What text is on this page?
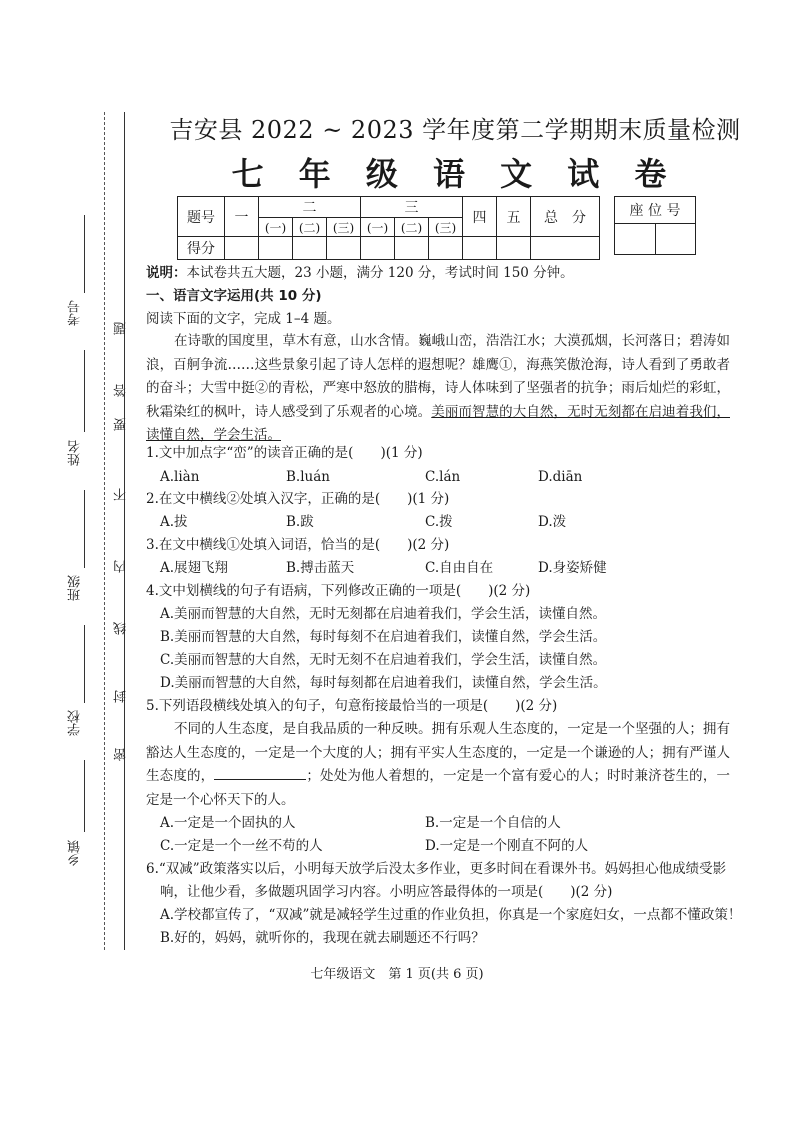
考号
姓名
班级
学校
乡镇
密
封
线
内
不
要
答
题
吉安县 2022 ~ 2023 学年度第二学期期末质量检测
七 年 级 语 文 试 卷
题号	一	二			三			四	五	总　分
		(一)	(二)	(三)	(一)	(二)	(三)			
得分										
座 位 号

说明：本试卷共五大题，23 小题，满分 120 分，考试时间 150 分钟。
一、语言文字运用(共 10 分)
阅读下面的文字，完成 1–4 题。
在诗歌的国度里，草木有意，山水含情。巍峨山峦，浩浩江水；大漠孤烟，长河落日；碧涛如浪，百舸争流……这些景象引起了诗人怎样的遐想呢？雄鹰①，海燕笑傲沧海，诗人看到了勇敢者的奋斗；大雪中挺②的青松，严寒中怒放的腊梅，诗人体味到了坚强者的抗争；雨后灿烂的彩虹，秋霜染红的枫叶，诗人感受到了乐观者的心境。美丽而智慧的大自然，无时无刻都在启迪着我们，读懂自然，学会生活。
1.文中加点字“峦”的读音正确的是(　　)(1 分)
A.liàn	B.luán	C.lán	D.diān
2.在文中横线②处填入汉字，正确的是(　　)(1 分)
A.拔	B.跋	C.拨	D.泼
3.在文中横线①处填入词语，恰当的是(　　)(2 分)
A.展翅飞翔	B.搏击蓝天	C.自由自在	D.身姿矫健
4.文中划横线的句子有语病，下列修改正确的一项是(　　)(2 分)
A.美丽而智慧的大自然，无时无刻都在启迪着我们，学会生活，读懂自然。
B.美丽而智慧的大自然，每时每刻不在启迪着我们，读懂自然，学会生活。
C.美丽而智慧的大自然，无时无刻不在启迪着我们，学会生活，读懂自然。
D.美丽而智慧的大自然，每时每刻都在启迪着我们，读懂自然，学会生活。
5.下列语段横线处填入的句子，句意衔接最恰当的一项是(　　)(2 分)
不同的人生态度，是自我品质的一种反映。拥有乐观人生态度的，一定是一个坚强的人；拥有豁达人生态度的，一定是一个大度的人；拥有平实人生态度的，一定是一个谦逊的人；拥有严谨人生态度的，	；处处为他人着想的，一定是一个富有爱心的人；时时兼济苍生的，一定是一个心怀天下的人。
A.一定是一个固执的人	B.一定是一个自信的人
C.一定是一个一丝不苟的人	D.一定是一个刚直不阿的人
6.“双减”政策落实以后，小明每天放学后没太多作业，更多时间在看课外书。妈妈担心他成绩受影
响，让他少看，多做题巩固学习内容。小明应答最得体的一项是(　　)(2 分)
A.学校都宣传了，“双减”就是减轻学生过重的作业负担，你真是一个家庭妇女，一点都不懂政策！
B.好的，妈妈，就听你的，我现在就去刷题还不行吗？
七年级语文　第 1 页(共 6 页)
